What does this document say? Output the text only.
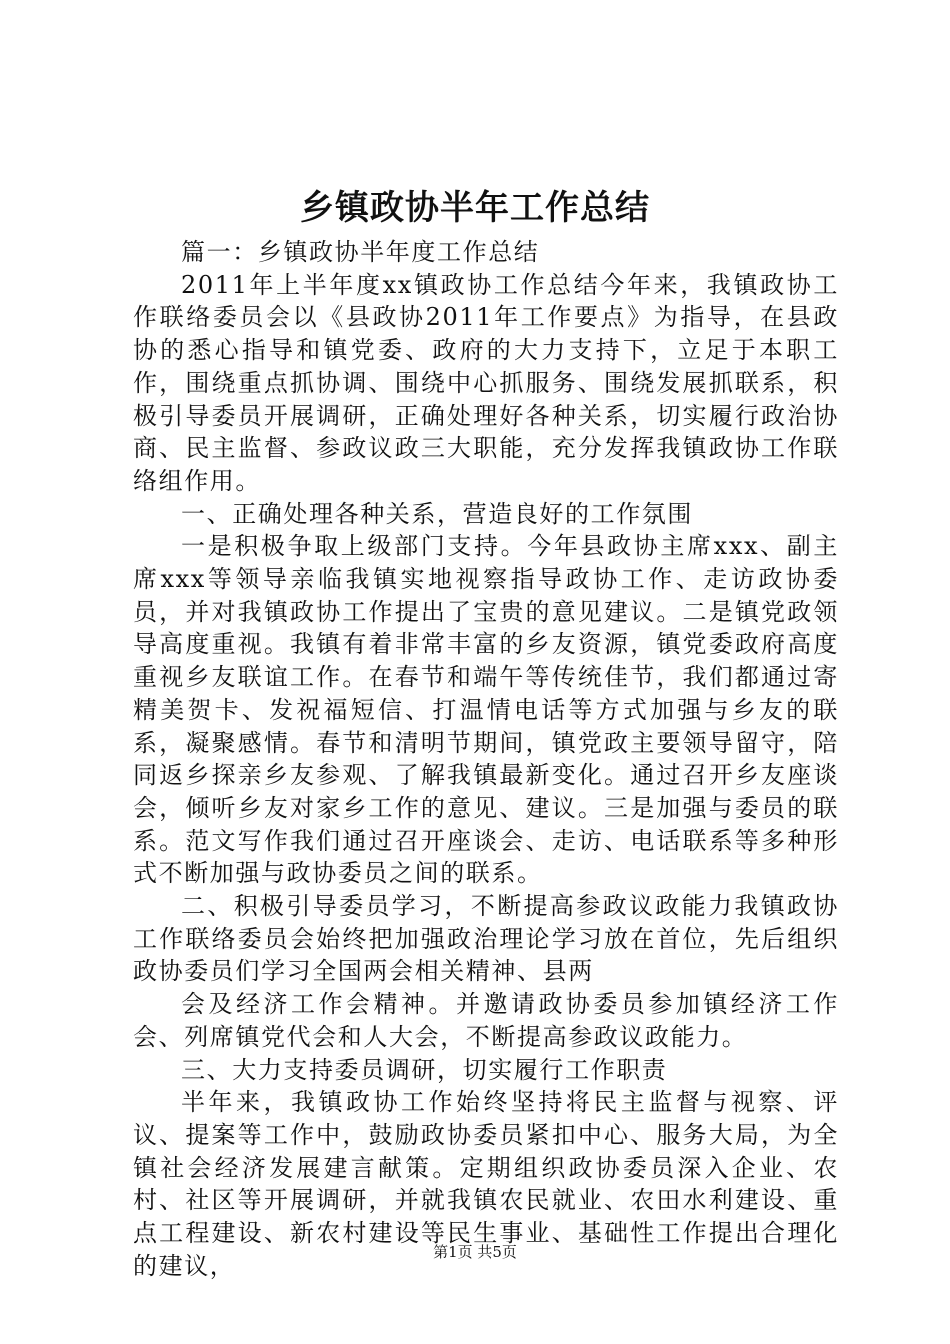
乡镇政协半年工作总结

篇一：乡镇政协半年度工作总结

2011年上半年度xx镇政协工作总结今年来，我镇政协工作联络委员会以《县政协2011年工作要点》为指导，在县政协的悉心指导和镇党委、政府的大力支持下，立足于本职工作，围绕重点抓协调、围绕中心抓服务、围绕发展抓联系，积极引导委员开展调研，正确处理好各种关系，切实履行政治协商、民主监督、参政议政三大职能，充分发挥我镇政协工作联络组作用。

一、正确处理各种关系，营造良好的工作氛围

一是积极争取上级部门支持。今年县政协主席xxx、副主席xxx等领导亲临我镇实地视察指导政协工作、走访政协委员，并对我镇政协工作提出了宝贵的意见建议。二是镇党政领导高度重视。我镇有着非常丰富的乡友资源，镇党委政府高度重视乡友联谊工作。在春节和端午等传统佳节，我们都通过寄精美贺卡、发祝福短信、打温情电话等方式加强与乡友的联系，凝聚感情。春节和清明节期间，镇党政主要领导留守，陪同返乡探亲乡友参观、了解我镇最新变化。通过召开乡友座谈会，倾听乡友对家乡工作的意见、建议。三是加强与委员的联系。范文写作我们通过召开座谈会、走访、电话联系等多种形式不断加强与政协委员之间的联系。

二、积极引导委员学习，不断提高参政议政能力我镇政协工作联络委员会始终把加强政治理论学习放在首位，先后组织政协委员们学习全国两会相关精神、县两

会及经济工作会精神。并邀请政协委员参加镇经济工作会、列席镇党代会和人大会，不断提高参政议政能力。

三、大力支持委员调研，切实履行工作职责

半年来，我镇政协工作始终坚持将民主监督与视察、评议、提案等工作中，鼓励政协委员紧扣中心、服务大局，为全镇社会经济发展建言献策。定期组织政协委员深入企业、农村、社区等开展调研，并就我镇农民就业、农田水利建设、重点工程建设、新农村建设等民生事业、基础性工作提出合理化的建议，	第1页 共5页
